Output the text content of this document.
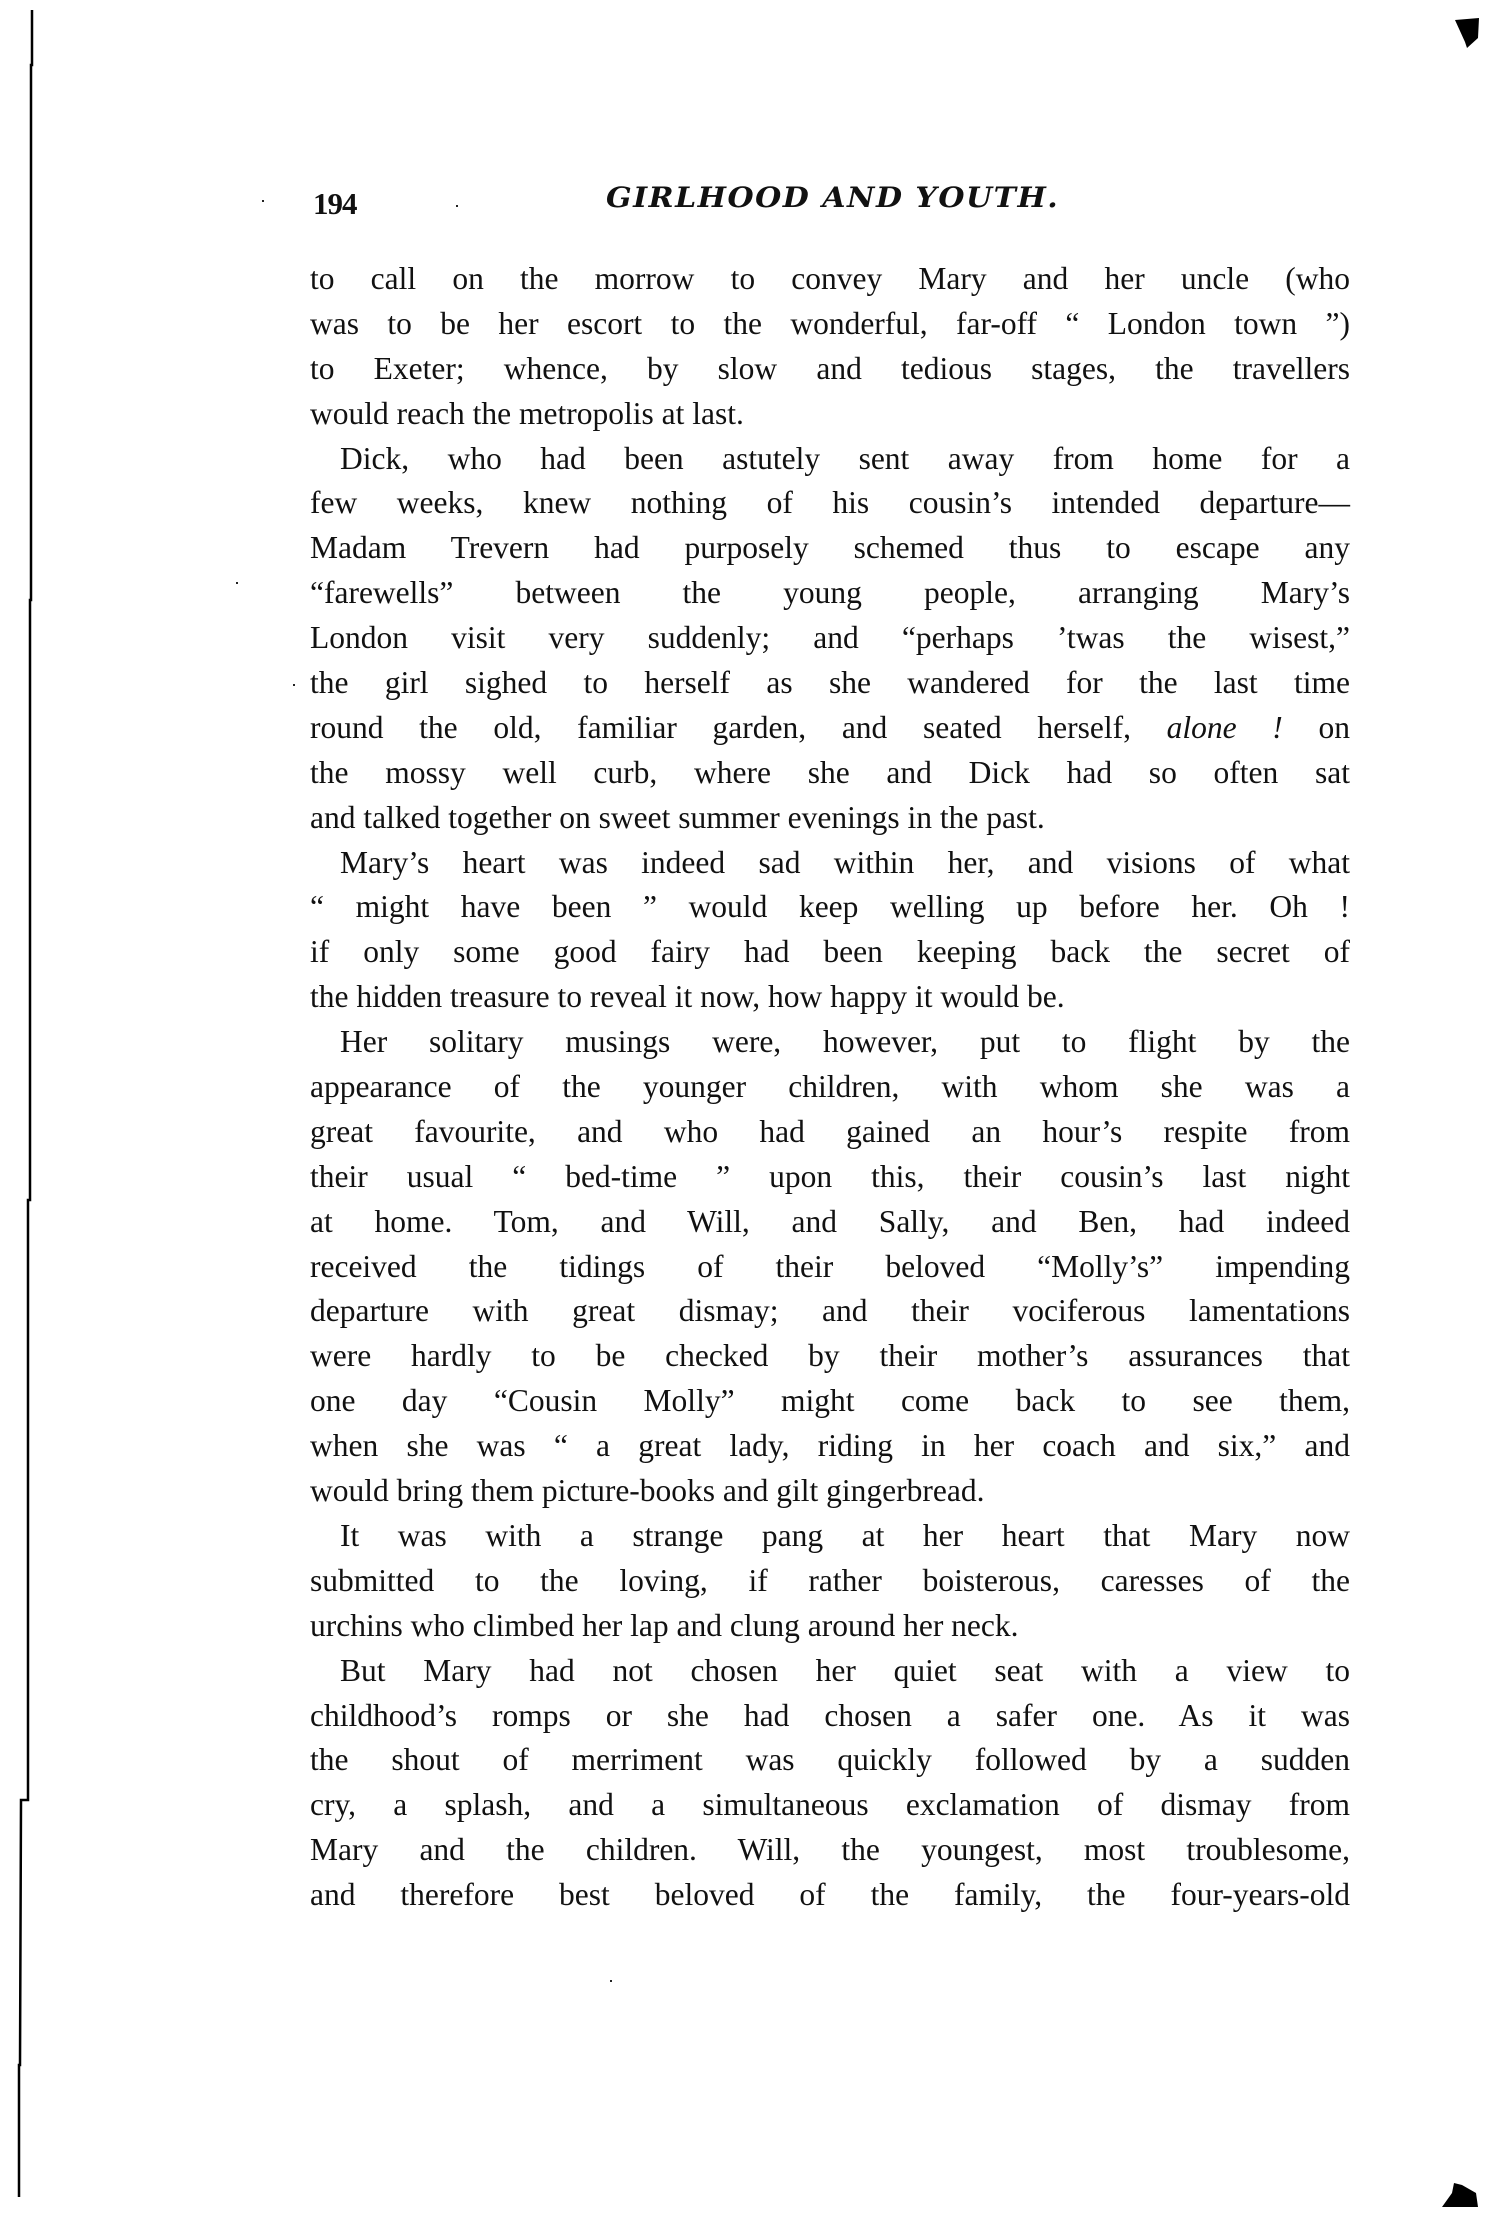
194	GIRLHOOD AND YOUTH.
to call on the morrow to convey Mary and her uncle (who
was to be her escort to the wonderful, far-off “ London town ”)
to Exeter; whence, by slow and tedious stages, the travellers
would reach the metropolis at last.
Dick, who had been astutely sent away from home for a
few weeks, knew nothing of his cousin’s intended departure—
Madam Trevern had purposely schemed thus to escape any
“farewells” between the young people, arranging Mary’s
London visit very suddenly; and “perhaps ’twas the wisest,”
the girl sighed to herself as she wandered for the last time
round the old, familiar garden, and seated herself, alone ! on
the mossy well curb, where she and Dick had so often sat
and talked together on sweet summer evenings in the past.
Mary’s heart was indeed sad within her, and visions of what
“ might have been ” would keep welling up before her. Oh !
if only some good fairy had been keeping back the secret of
the hidden treasure to reveal it now, how happy it would be.
Her solitary musings were, however, put to flight by the
appearance of the younger children, with whom she was a
great favourite, and who had gained an hour’s respite from
their usual “ bed-time ” upon this, their cousin’s last night
at home. Tom, and Will, and Sally, and Ben, had indeed
received the tidings of their beloved “Molly’s” impending
departure with great dismay; and their vociferous lamentations
were hardly to be checked by their mother’s assurances that
one day “Cousin Molly” might come back to see them,
when she was “ a great lady, riding in her coach and six,” and
would bring them picture-books and gilt gingerbread.
It was with a strange pang at her heart that Mary now
submitted to the loving, if rather boisterous, caresses of the
urchins who climbed her lap and clung around her neck.
But Mary had not chosen her quiet seat with a view to
childhood’s romps or she had chosen a safer one. As it was
the shout of merriment was quickly followed by a sudden
cry, a splash, and a simultaneous exclamation of dismay from
Mary and the children. Will, the youngest, most troublesome,
and therefore best beloved of the family, the four-years-old
